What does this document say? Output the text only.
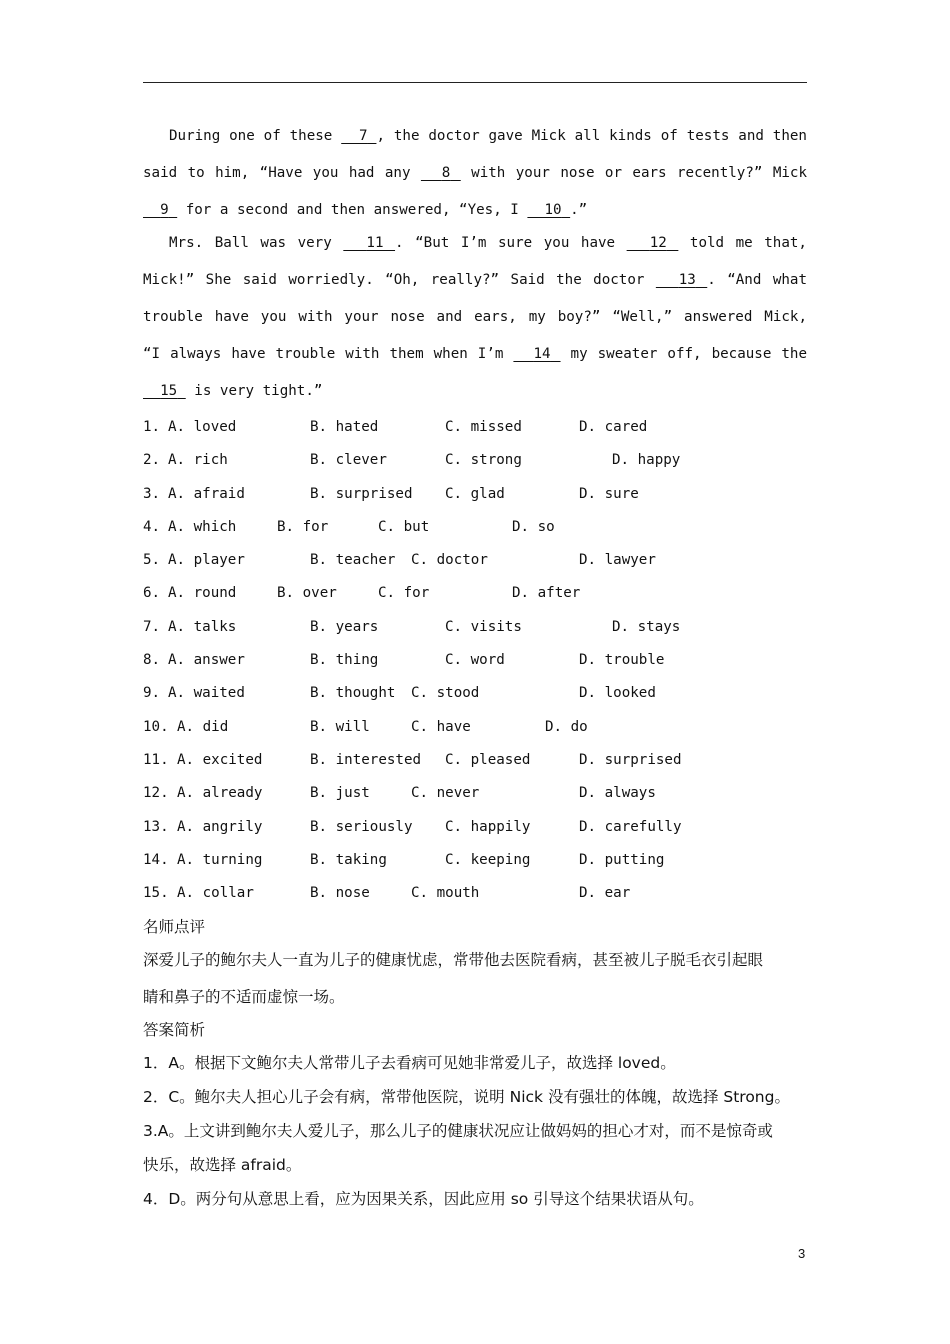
During one of these   7 , the doctor gave Mick all kinds of tests and then
said to him, “Have you had any   8  with your nose or ears recently?” Mick
9  for a second and then answered, “Yes, I   10 .”
Mrs. Ball was very   11 . “But I’m sure you have   12  told me that,
Mick!” She said worriedly. “Oh, really?” Said the doctor   13 . “And what
trouble have you with your nose and ears, my boy?” “Well,” answered Mick,
“I always have trouble with them when I’m   14  my sweater off, because the
15  is very tight.”
1. A. loved	B. hated	C. missed	D. cared
2. A. rich	B. clever	C. strong	D. happy
3. A. afraid	B. surprised C. glad	D. sure
4. A. which	B. for	C. but	D. so
5. A. player	B. teacher C. doctor	D. lawyer
6. A. round	B. over	C. for	D. after
7. A. talks	B. years	C. visits	D. stays
8. A. answer	B. thing	C. word	D. trouble
9. A. waited	B. thought C. stood	D. looked
10. A. did	B. will	C. have	D. do
11. A. excited	B. interested C. pleased	D. surprised
12. A. already	B. just	C. never	D. always
13. A. angrily	B. seriously C. happily	D. carefully
14. A. turning	B. taking	C. keeping	D. putting
15. A. collar	B. nose	C. mouth	D. ear
名师点评
深爱儿子的鲍尔夫人一直为儿子的健康忧虑，常带他去医院看病，甚至被儿子脱毛衣引起眼
睛和鼻子的不适而虚惊一场。
答案简析
1．A。根据下文鲍尔夫人常带儿子去看病可见她非常爱儿子，故选择 loved。
2．C。鲍尔夫人担心儿子会有病，常带他医院，说明 Nick 没有强壮的体魄，故选择 Strong。
3.A。上文讲到鲍尔夫人爱儿子，那么儿子的健康状况应让做妈妈的担心才对，而不是惊奇或
快乐，故选择 afraid。
4．D。两分句从意思上看，应为因果关系，因此应用 so 引导这个结果状语从句。
3
